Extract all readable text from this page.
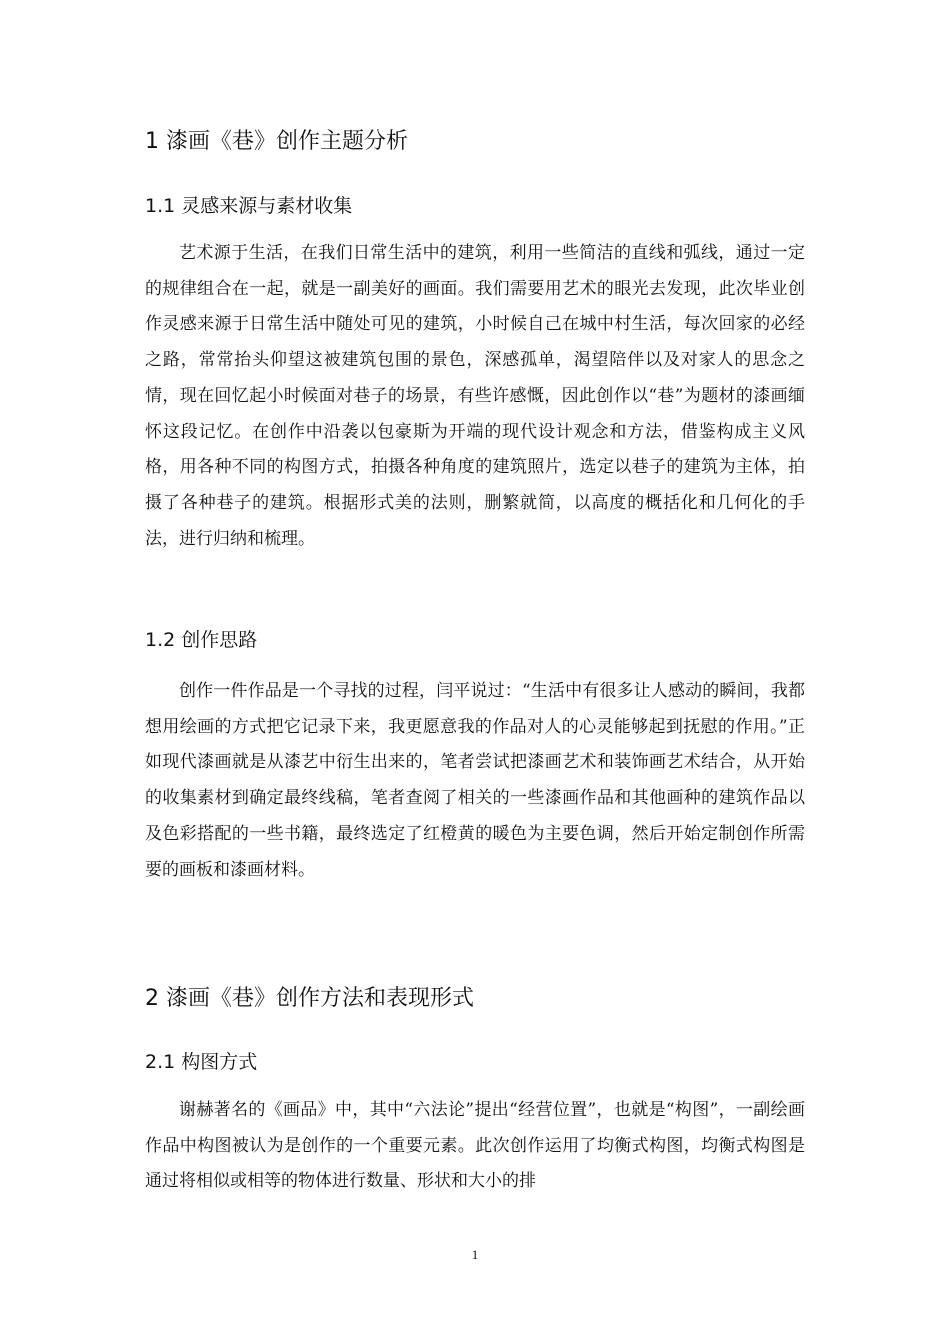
1 漆画《巷》创作主题分析
1.1 灵感来源与素材收集

艺术源于生活，在我们日常生活中的建筑，利用一些简洁的直线和弧线，通过一定的规律组合在一起，就是一副美好的画面。我们需要用艺术的眼光去发现，此次毕业创作灵感来源于日常生活中随处可见的建筑，小时候自己在城中村生活，每次回家的必经之路，常常抬头仰望这被建筑包围的景色，深感孤单，渴望陪伴以及对家人的思念之情，现在回忆起小时候面对巷子的场景，有些许感慨，因此创作以“巷”为题材的漆画缅怀这段记忆。在创作中沿袭以包豪斯为开端的现代设计观念和方法，借鉴构成主义风格，用各种不同的构图方式，拍摄各种角度的建筑照片，选定以巷子的建筑为主体，拍摄了各种巷子的建筑。根据形式美的法则，删繁就简，以高度的概括化和几何化的手法，进行归纳和梳理。

1.2 创作思路

创作一件作品是一个寻找的过程，闫平说过：“生活中有很多让人感动的瞬间，我都想用绘画的方式把它记录下来，我更愿意我的作品对人的心灵能够起到抚慰的作用。”正如现代漆画就是从漆艺中衍生出来的，笔者尝试把漆画艺术和装饰画艺术结合，从开始的收集素材到确定最终线稿，笔者查阅了相关的一些漆画作品和其他画种的建筑作品以及色彩搭配的一些书籍，最终选定了红橙黄的暖色为主要色调，然后开始定制创作所需要的画板和漆画材料。

2 漆画《巷》创作方法和表现形式
2.1 构图方式

谢赫著名的《画品》中，其中“六法论”提出“经营位置”，也就是“构图”，一副绘画作品中构图被认为是创作的一个重要元素。此次创作运用了均衡式构图，均衡式构图是通过将相似或相等的物体进行数量、形状和大小的排

1
